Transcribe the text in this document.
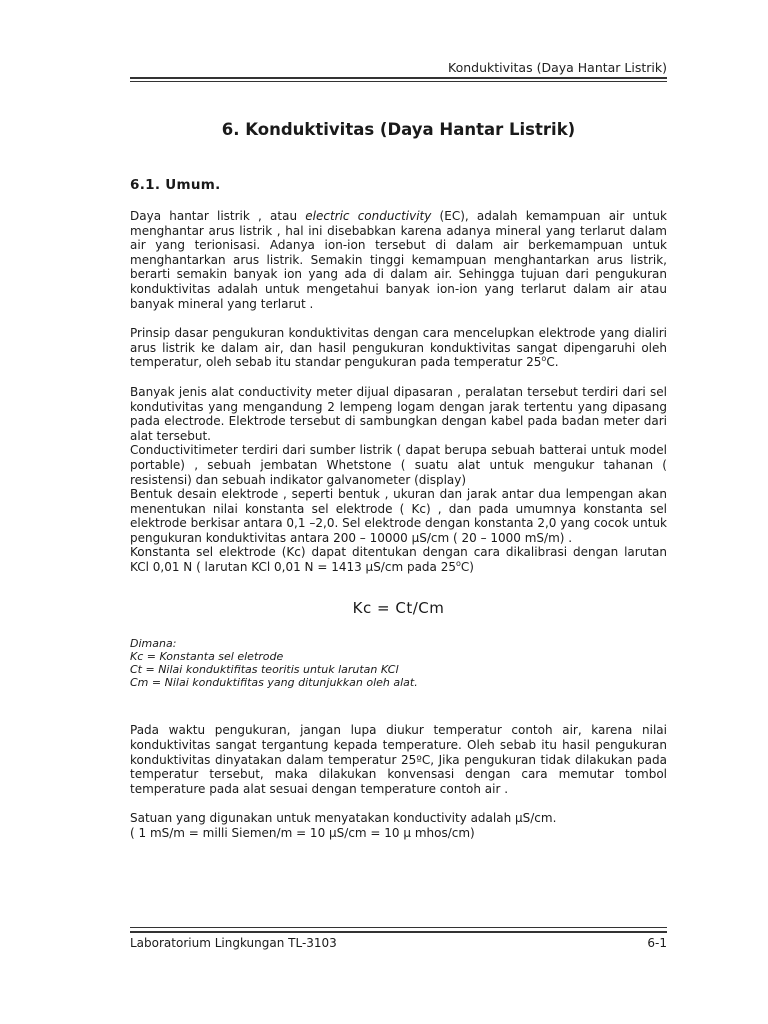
Konduktivitas (Daya Hantar Listrik)
6. Konduktivitas (Daya Hantar Listrik)
6.1. Umum.

Daya hantar listrik , atau electric conductivity (EC), adalah kemampuan air untuk menghantar arus listrik , hal ini disebabkan karena adanya mineral yang terlarut dalam air yang terionisasi. Adanya ion-ion tersebut di dalam air berkemampuan untuk menghantarkan arus listrik. Semakin tinggi kemampuan menghantarkan arus listrik, berarti semakin banyak ion yang ada di dalam air. Sehingga tujuan dari pengukuran konduktivitas adalah untuk mengetahui banyak ion-ion yang terlarut dalam air atau banyak mineral yang terlarut .

Prinsip dasar pengukuran konduktivitas dengan cara mencelupkan elektrode yang dialiri arus listrik ke dalam air, dan hasil pengukuran konduktivitas sangat dipengaruhi oleh temperatur, oleh sebab itu standar pengukuran pada temperatur 25$^o$C.

Banyak jenis alat conductivity meter dijual dipasaran , peralatan tersebut terdiri dari sel kondutivitas yang mengandung 2 lempeng logam dengan jarak tertentu yang dipasang pada electrode. Elektrode tersebut di sambungkan dengan kabel pada badan meter dari alat tersebut.

Conductivitimeter terdiri dari sumber listrik ( dapat berupa sebuah batterai untuk model portable) , sebuah jembatan Whetstone ( suatu alat untuk mengukur tahanan ( resistensi) dan sebuah indikator galvanometer (display)

Bentuk desain elektrode , seperti bentuk , ukuran dan jarak antar dua lempengan akan menentukan nilai konstanta sel elektrode ( Kc) , dan pada umumnya konstanta sel elektrode berkisar antara 0,1 –2,0. Sel elektrode dengan konstanta 2,0 yang cocok untuk pengukuran konduktivitas antara 200 – 10000 µS/cm ( 20 – 1000 mS/m) .

Konstanta sel elektrode (Kc) dapat ditentukan dengan cara dikalibrasi dengan larutan KCl 0,01 N ( larutan KCl 0,01 N = 1413 µS/cm pada 25$^o$C)

Kc = Ct/Cm

Dimana:

Kc = Konstanta sel eletrode

Ct = Nilai konduktifitas teoritis untuk larutan KCl

Cm = Nilai konduktifitas yang ditunjukkan oleh alat.

Pada waktu pengukuran, jangan lupa diukur temperatur contoh air, karena nilai konduktivitas sangat tergantung kepada temperature. Oleh sebab itu hasil pengukuran konduktivitas dinyatakan dalam temperatur 25ºC, Jika pengukuran tidak dilakukan pada temperatur tersebut, maka dilakukan konvensasi dengan cara memutar tombol temperature pada alat sesuai dengan temperature contoh air .

Satuan yang digunakan untuk menyatakan konductivity adalah µS/cm.

( 1 mS/m = milli Siemen/m = 10 µS/cm = 10 µ mhos/cm)

Laboratorium Lingkungan TL-3103	6-1
